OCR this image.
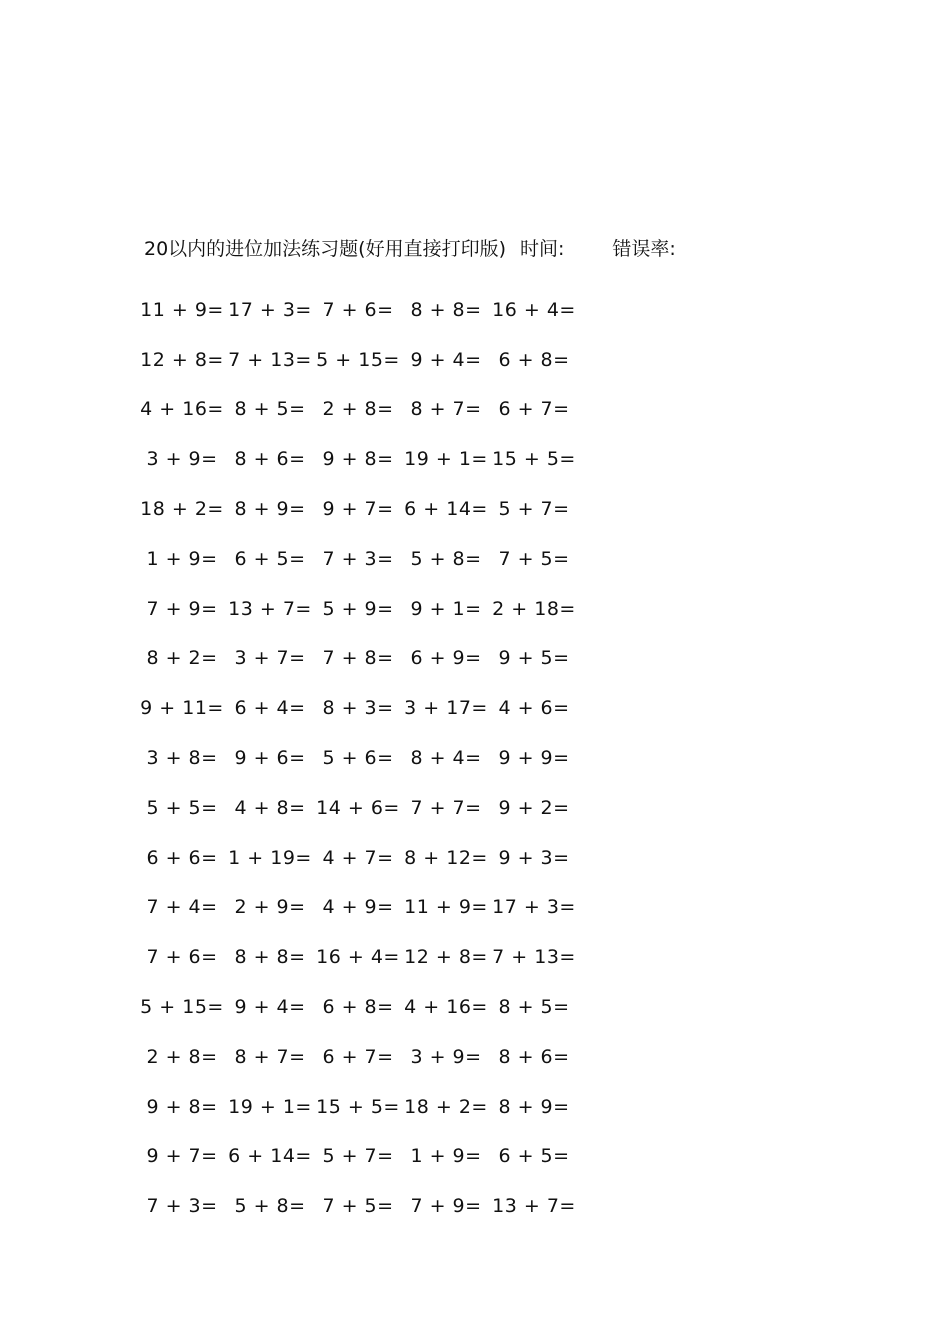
20以内的进位加法练习题(好用直接打印版) 时间:	错误率:
11 + 9= 17 + 3= 7 + 6= 8 + 8= 16 + 4=
12 + 8= 7 + 13= 5 + 15= 9 + 4= 6 + 8=
4 + 16= 8 + 5= 2 + 8= 8 + 7= 6 + 7=
3 + 9= 8 + 6= 9 + 8= 19 + 1= 15 + 5=
18 + 2= 8 + 9= 9 + 7= 6 + 14= 5 + 7=
1 + 9= 6 + 5= 7 + 3= 5 + 8= 7 + 5=
7 + 9= 13 + 7= 5 + 9= 9 + 1= 2 + 18=
8 + 2= 3 + 7= 7 + 8= 6 + 9= 9 + 5=
9 + 11= 6 + 4= 8 + 3= 3 + 17= 4 + 6=
3 + 8= 9 + 6= 5 + 6= 8 + 4= 9 + 9=
5 + 5= 4 + 8= 14 + 6= 7 + 7= 9 + 2=
6 + 6= 1 + 19= 4 + 7= 8 + 12= 9 + 3=
7 + 4= 2 + 9= 4 + 9= 11 + 9= 17 + 3=
7 + 6= 8 + 8= 16 + 4= 12 + 8= 7 + 13=
5 + 15= 9 + 4= 6 + 8= 4 + 16= 8 + 5=
2 + 8= 8 + 7= 6 + 7= 3 + 9= 8 + 6=
9 + 8= 19 + 1= 15 + 5= 18 + 2= 8 + 9=
9 + 7= 6 + 14= 5 + 7= 1 + 9= 6 + 5=
7 + 3= 5 + 8= 7 + 5= 7 + 9= 13 + 7=
